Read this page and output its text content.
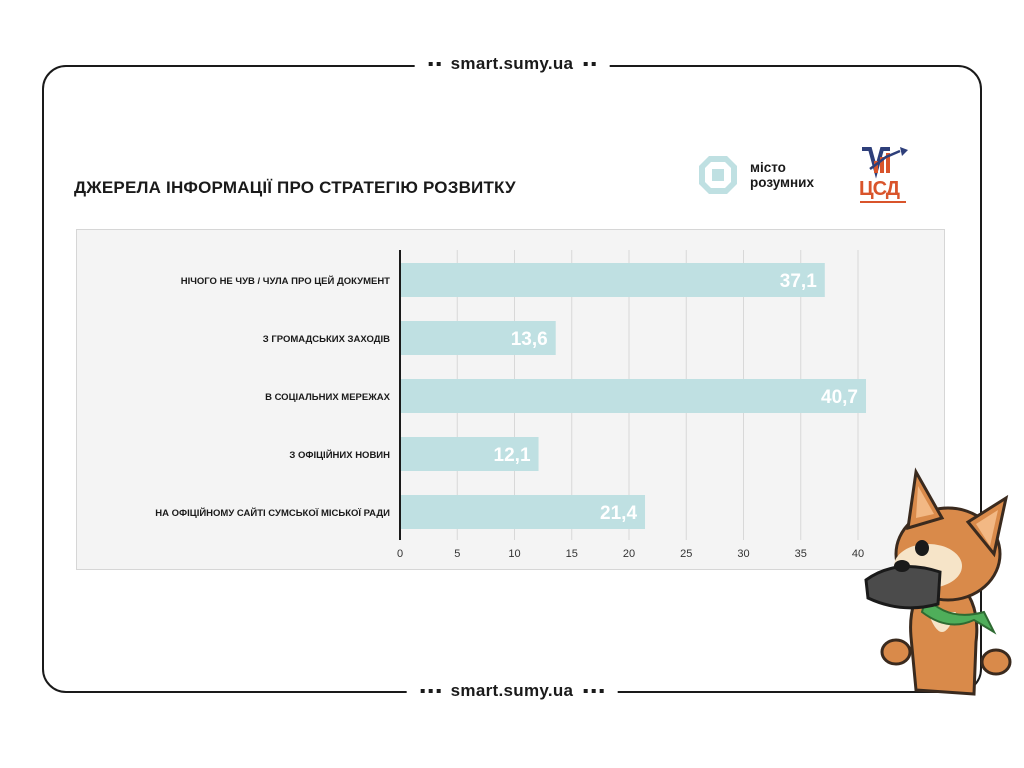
smart.sumy.ua
ДЖЕРЕЛА ІНФОРМАЦІЇ ПРО СТРАТЕГІЮ РОЗВИТКУ
місто
розумних ЦСД
37,1
НІЧОГО НЕ ЧУВ / ЧУЛА ПРО ЦЕЙ ДОКУМЕНТ
13,6
З ГРОМАДСЬКИХ ЗАХОДІВ
40,7
В СОЦІАЛЬНИХ МЕРЕЖАХ
12,1
З ОФІЦІЙНИХ НОВИН
21,4
НА ОФІЦІЙНОМУ САЙТІ СУМСЬКОЇ МІСЬКОЇ РАДИ
0	5	10	15	20	25	30	35	40
smart.sumy.ua
